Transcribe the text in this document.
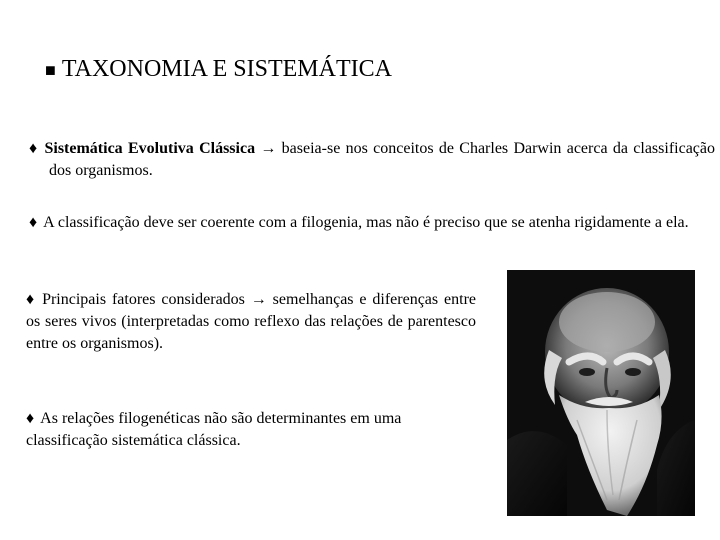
■ TAXONOMIA E SISTEMÁTICA
♦ Sistemática Evolutiva Clássica → baseia-se nos conceitos de Charles Darwin acerca da classificação dos organismos.
♦ A classificação deve ser coerente com a filogenia, mas não é preciso que se atenha rigidamente a ela.
♦ Principais fatores considerados → semelhanças e diferenças entre os seres vivos (interpretadas como reflexo das relações de parentesco entre os organismos).
♦ As relações filogenéticas não são determinantes em uma classificação sistemática clássica.
